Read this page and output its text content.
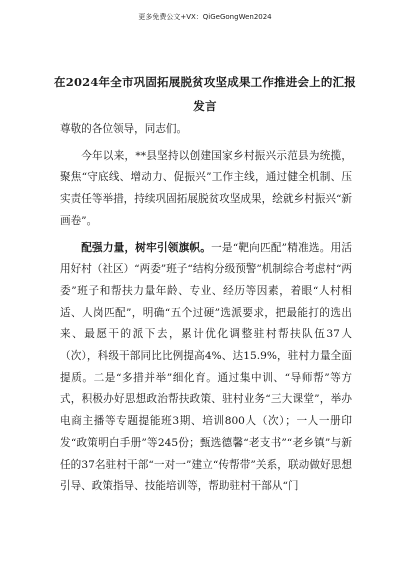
更多免费公文+VX：QiGeGongWen2024
在2024年全市巩固拓展脱贫攻坚成果工作推进会上的汇报
发言

尊敬的各位领导，同志们。

今年以来，**县坚持以创建国家乡村振兴示范县为统揽，聚焦“守底线、增动力、促振兴”工作主线，通过健全机制、压实责任等举措，持续巩固拓展脱贫攻坚成果，绘就乡村振兴“新画卷”。

配强力量，树牢引领旗帜。一是“靶向匹配”精准选。用活用好村（社区）“两委”班子“结构分级预警”机制综合考虑村“两委”班子和帮扶力量年龄、专业、经历等因素，着眼“人村相适、人岗匹配”，明确“五个过硬”选派要求，把最能打的选出来、最愿干的派下去，累计优化调整驻村帮扶队伍37人（次），科级干部同比比例提高4%、达15.9%，驻村力量全面提质。二是“多措并举”细化育。通过集中训、“导师帮”等方式，积极办好思想政治帮扶政策、驻村业务“三大课堂”，举办电商主播等专题提能班3期、培训800人（次）；一人一册印发“政策明白手册”等245份；甄选德馨“老支书”“老乡镇”与新任的37名驻村干部“一对一”建立“传帮带”关系，联动做好思想引导、政策指导、技能培训等，帮助驻村干部从“门
